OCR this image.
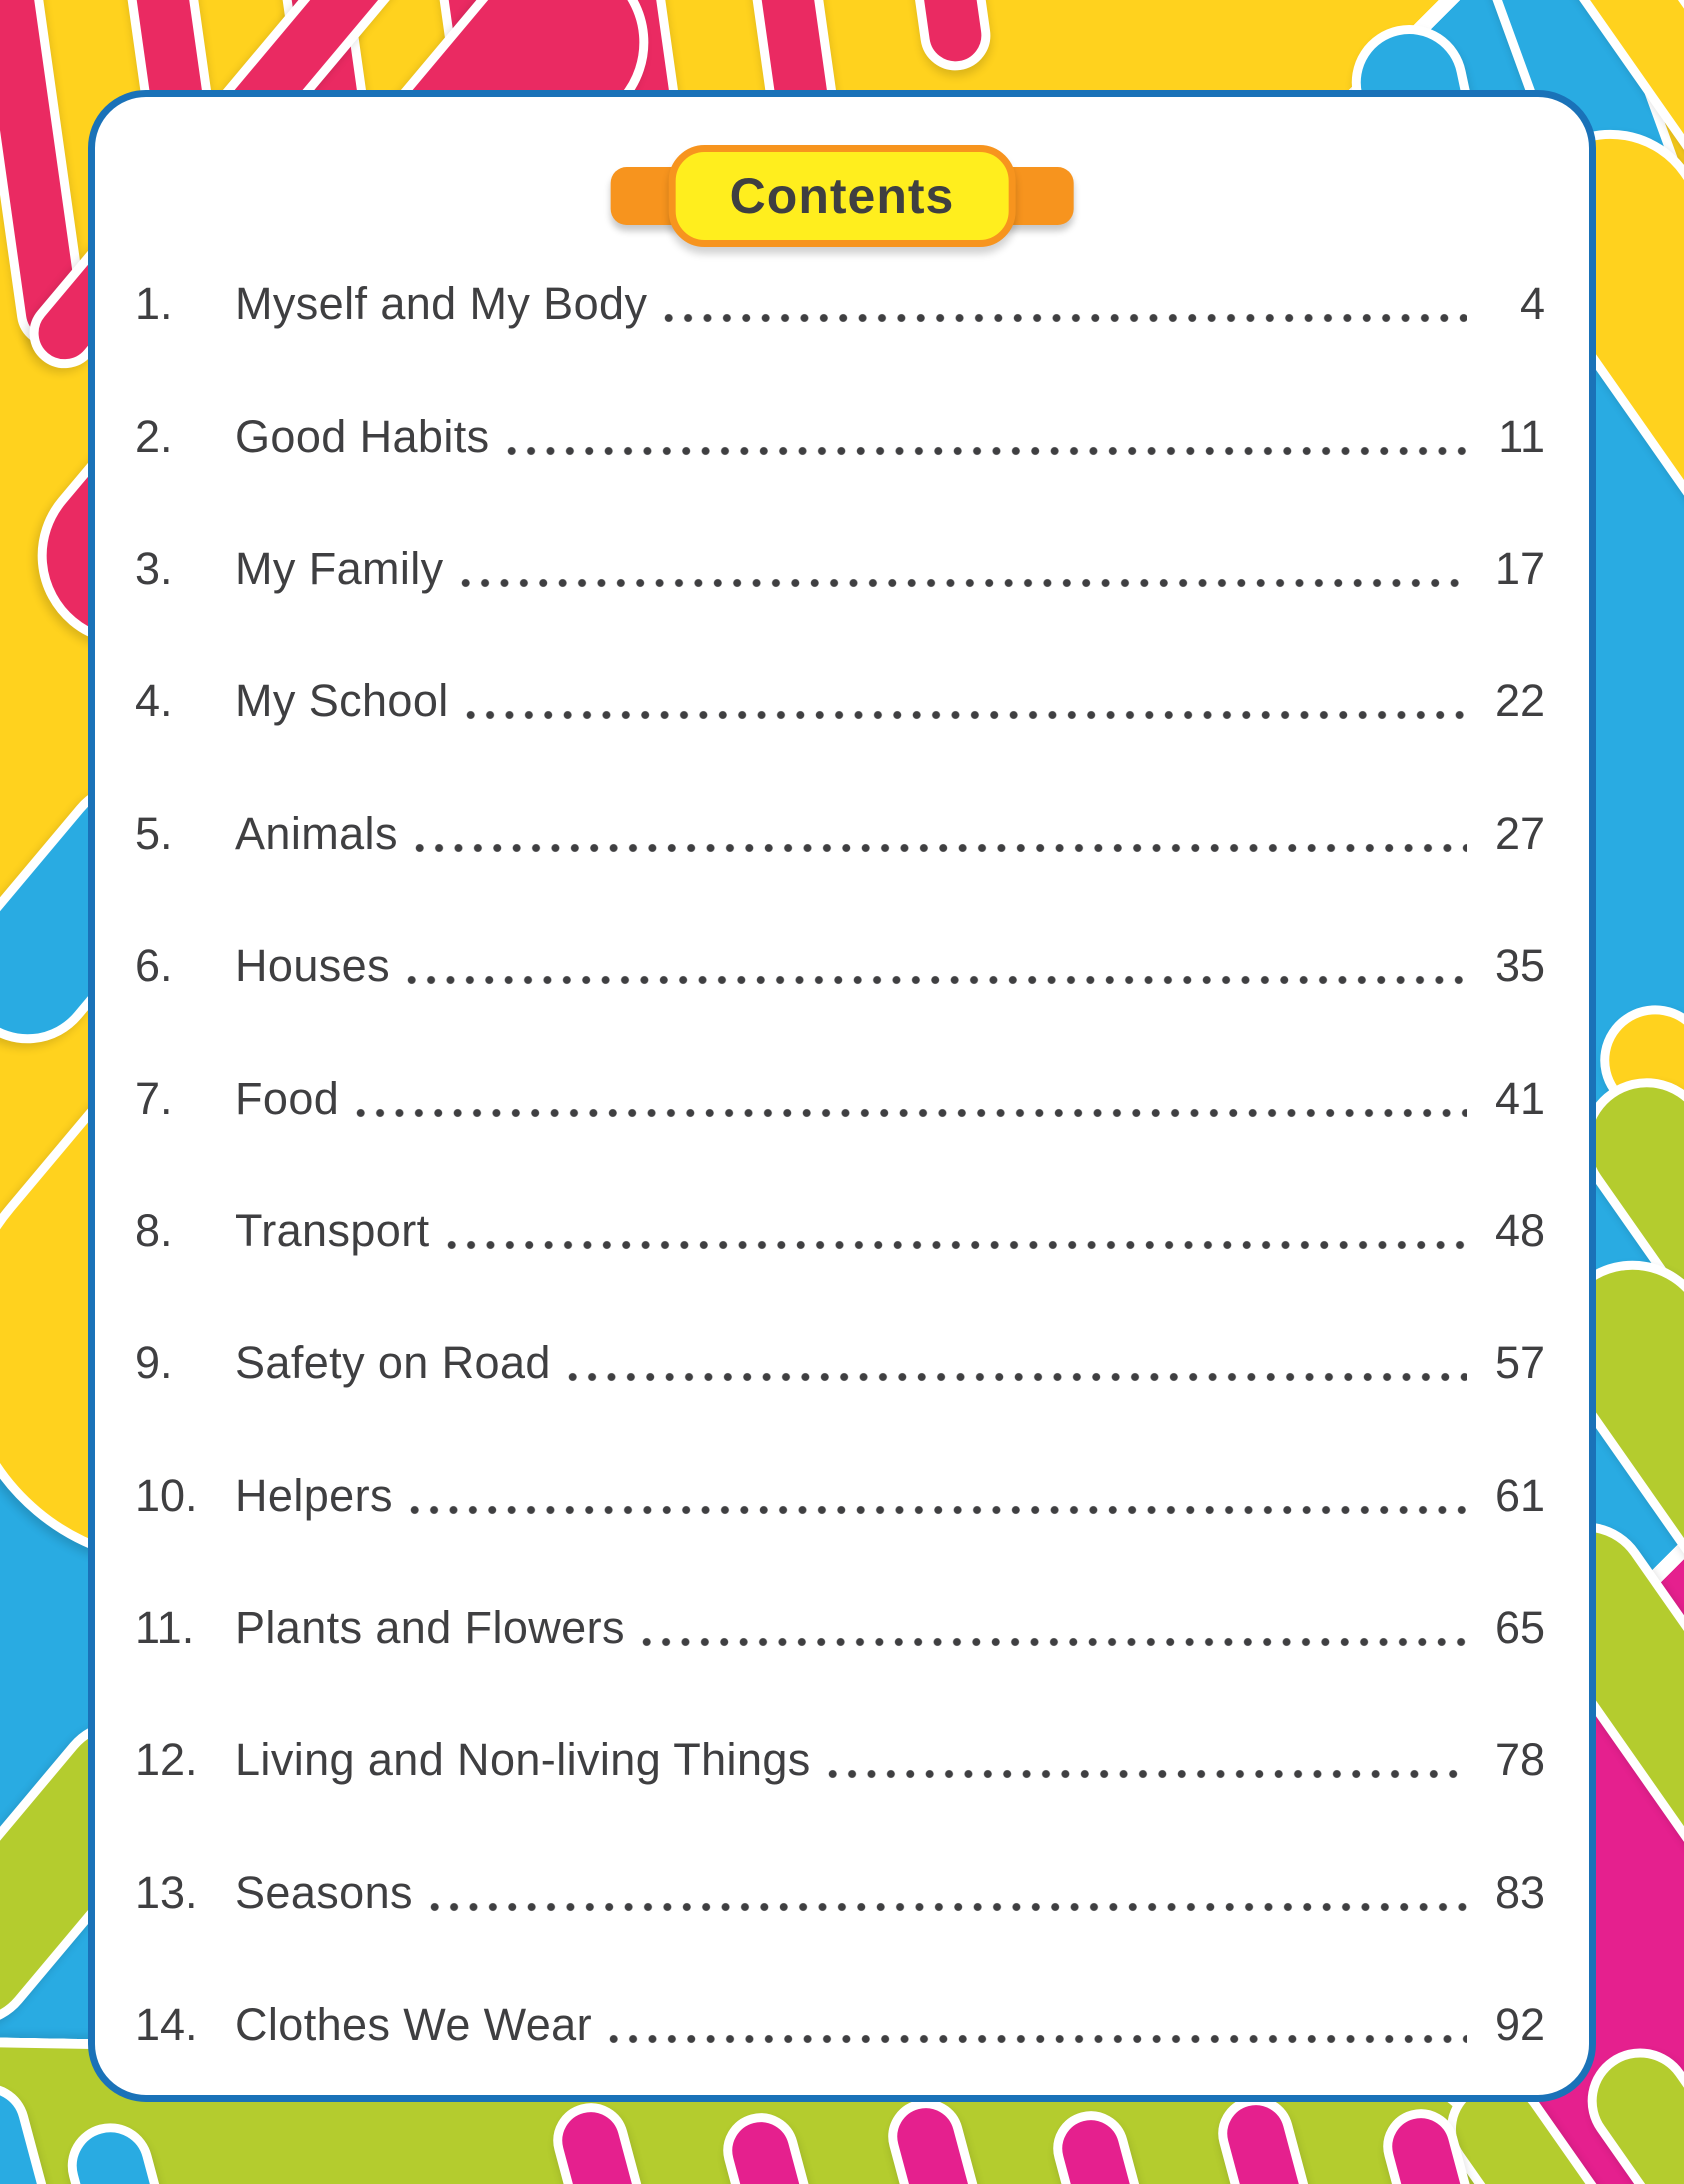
Contents
1.	Myself and My Body	4
2.	Good Habits	11
3.	My Family	17
4.	My School	22
5.	Animals	27
6.	Houses	35
7.	Food	41
8.	Transport	48
9.	Safety on Road	57
10. Helpers	61
11. Plants and Flowers	65
12. Living and Non-living Things	78
13. Seasons	83
14. Clothes We Wear	92
